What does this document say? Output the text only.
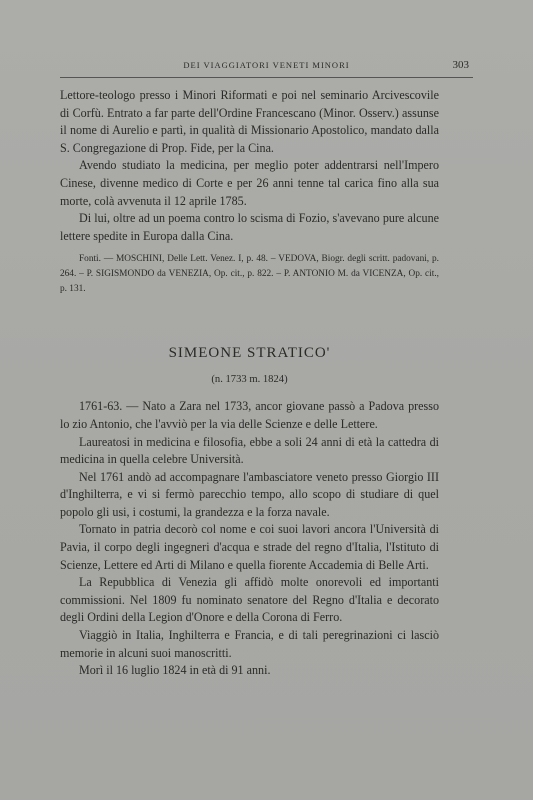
DEI VIAGGIATORI VENETI MINORI	303

Lettore-teologo presso i Minori Riformati e poi nel seminario Arcivescovile di Corfù. Entrato a far parte dell'Ordine Francescano (Minor. Osserv.) assunse il nome di Aurelio e partì, in qualità di Missionario Apostolico, mandato dalla S. Congregazione di Prop. Fide, per la Cina.

Avendo studiato la medicina, per meglio poter addentrarsi nell'Impero Cinese, divenne medico di Corte e per 26 anni tenne tal carica fino alla sua morte, colà avvenuta il 12 aprile 1785.

Di lui, oltre ad un poema contro lo scisma di Fozio, s'avevano pure alcune lettere spedite in Europa dalla Cina.

Fonti. — MOSCHINI, Delle Lett. Venez. I, p. 48. – VEDOVA, Biogr. degli scritt. padovani, p. 264. – P. SIGISMONDO da VENEZIA, Op. cit., p. 822. – P. ANTONIO M. da VICENZA, Op. cit., p. 131.

SIMEONE STRATICO'
(n. 1733 m. 1824)

1761-63. — Nato a Zara nel 1733, ancor giovane passò a Padova presso lo zio Antonio, che l'avviò per la via delle Scienze e delle Lettere.

Laureatosi in medicina e filosofia, ebbe a soli 24 anni di età la cattedra di medicina in quella celebre Università.

Nel 1761 andò ad accompagnare l'ambasciatore veneto presso Giorgio III d'Inghilterra, e vi si fermò parecchio tempo, allo scopo di studiare di quel popolo gli usi, i costumi, la grandezza e la forza navale.

Tornato in patria decorò col nome e coi suoi lavori ancora l'Università di Pavia, il corpo degli ingegneri d'acqua e strade del regno d'Italia, l'Istituto di Scienze, Lettere ed Arti di Milano e quella fiorente Accademia di Belle Arti.

La Repubblica di Venezia gli affidò molte onorevoli ed importanti commissioni. Nel 1809 fu nominato senatore del Regno d'Italia e decorato degli Ordini della Legion d'Onore e della Corona di Ferro.

Viaggiò in Italia, Inghilterra e Francia, e di tali peregrinazioni ci lasciò memorie in alcuni suoi manoscritti.

Morì il 16 luglio 1824 in età di 91 anni.
